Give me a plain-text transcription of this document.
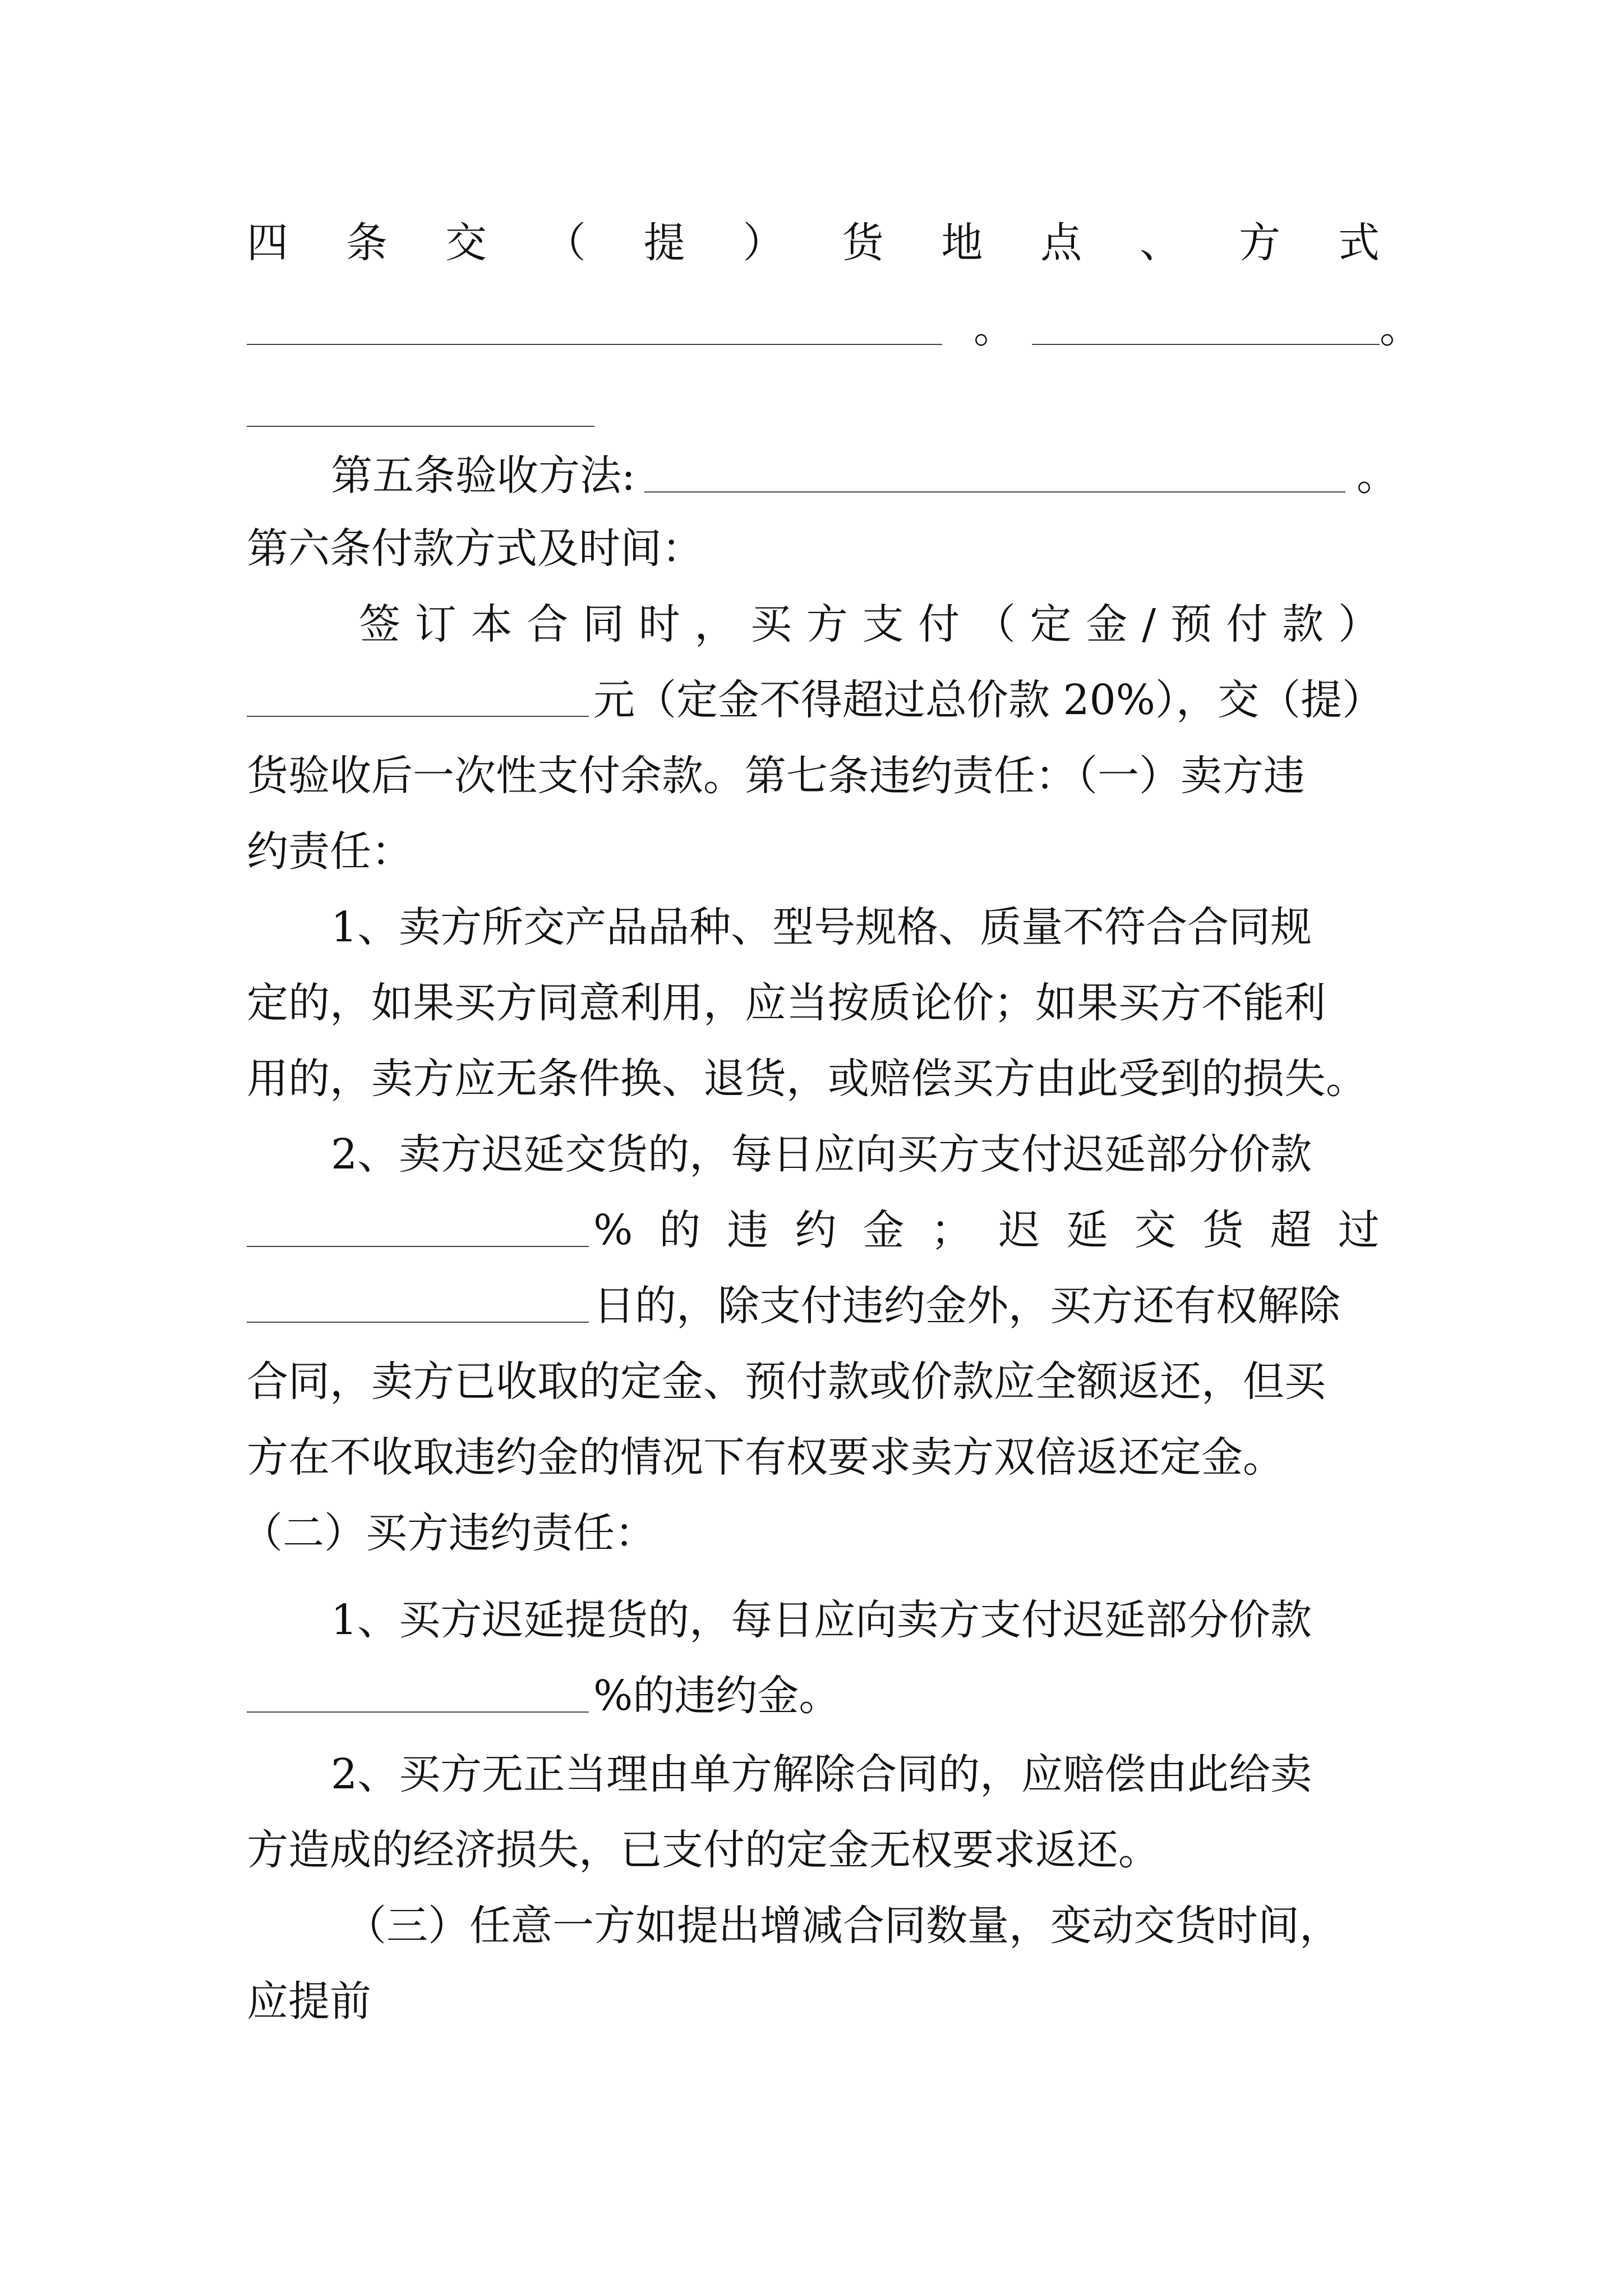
四 条 交 （ 提 ） 货 地 点 、 方 式
。	。
第五条验收方法:	。
第六条付款方式及时间：
签 订 本 合 同 时 ， 买 方 支 付 （ 定 金 / 预 付 款 ）
元（定金不得超过总价款 20%），交（提）
货验收后一次性支付余款。第七条违约责任：（一）卖方违
约责任：
1、卖方所交产品品种、型号规格、质量不符合合同规
定的，如果买方同意利用，应当按质论价；如果买方不能利
用的，卖方应无条件换、退货，或赔偿买方由此受到的损失。
2、卖方迟延交货的，每日应向买方支付迟延部分价款
% 的 违 约 金 ； 迟 延 交 货 超 过
日的，除支付违约金外，买方还有权解除
合同，卖方已收取的定金、预付款或价款应全额返还，但买
方在不收取违约金的情况下有权要求卖方双倍返还定金。
（二）买方违约责任：
1、买方迟延提货的，每日应向卖方支付迟延部分价款
%的违约金。
2、买方无正当理由单方解除合同的，应赔偿由此给卖
方造成的经济损失，已支付的定金无权要求返还。
（三）任意一方如提出增减合同数量，变动交货时间，
应提前
